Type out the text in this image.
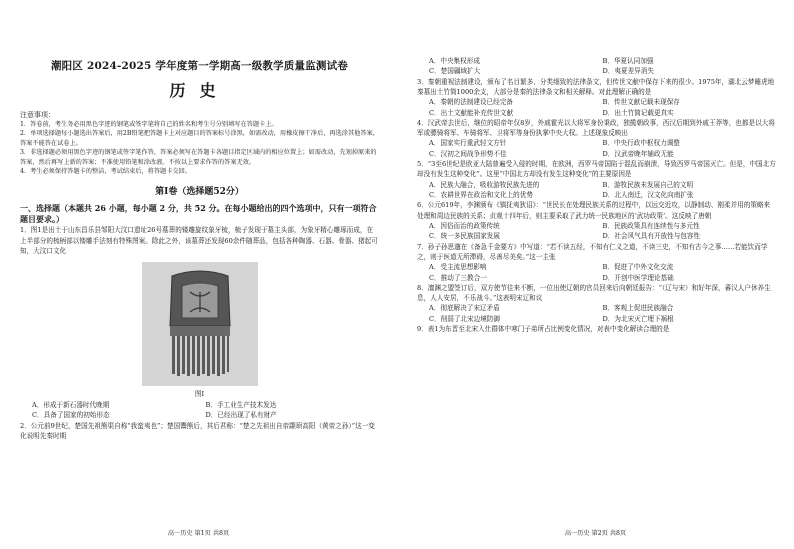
潮阳区 2024-2025 学年度第一学期高一级教学质量监测试卷
历史
注意事项：

1．答卷前，考生务必用黑色字迹的钢笔或签字笔将自己的姓名和考生号分别填写在答题卡上。

2．单项选择题每小题选出答案后，用2B铅笔把答题卡上对应题目的答案标号涂黑，如需改动，用橡皮擦干净后，再选涂其他答案，答案不能答在试卷上。

3．非选择题必须用黑色字迹的钢笔或签字笔作答，答案必须写在答题卡各题目指定区域内的相应位置上；如需改动，先划掉原来的答案，然后再写上新的答案；不准使用铅笔和涂改液。不按以上要求作答的答案无效。

4．考生必须保持答题卡的整洁，考试结束后，将答题卡交回。

第Ⅰ卷（选择题52分）
一、选择题（本题共 26 小题，每小题 2 分，共 52 分。在每小题给出的四个选项中，只有一项符合题目要求。）

1．图1是出土于山东昌乐县邹阳大汶口遗址26号墓葬的镂雕旋纹象牙梳，梳子发现于墓主头部，为象牙精心雕琢而成，在上半部分的梳柄部以镂雕手法刻有特殊图案。除此之外，该墓葬还发现60余件随葬品，包括各种陶器、石器、骨器、猪起可知，大汶口文化

图Ⅰ
A．形成于新石器时代晚期	B．手工业生产技术发达
C．具备了国家的初始形态	D．已经出现了私有财产

2．公元前9世纪，楚国先祖熊渠自称“我蛮夷也”；楚国鬻熊后，其后君称：“楚之先祖出自帝颛顼高阳（黄帝之孙）”这一变化说明先秦时期

高一历史 第1页 共8页
A．中央集权形成	B．华夏认同加强
C．楚国疆域扩大	D．夷夏差异消失

3．秦朝重视法制建设，颁布了名目繁多、分类细致的法律条文，但传世文献中保存下来的很少。1975年，湖北云梦睡虎地秦墓出土竹简1000余支，大部分是秦的法律条文和相关解释。对此理解正确的是

A．秦朝的法制建设已经完备	B．传世文献记载未现保存
C．出土文献能补充传世文献	D．出土竹简记载更真实

4．汉武帝去世后，继位的昭帝年仅8岁，外戚霍光以大将军身份秉政，独揽朝政事，西汉后期到外戚王莽等，也都是以大将军或骠骑将军、车骑将军、卫将军等身份执掌中央大权。上述现象反映出

A．国家实行重武轻文方针	B．中央行政中枢权力调整
C．汉初之间战争形势不佳	D．汉武帝晚年辅政无能

5．“3至6世纪是欧亚大陆普遍受入侵的时期，在欧洲，西罗马帝国陷于混乱而崩溃，导致西罗马帝国灭亡。但是，中国北方却没有发生这种变化”。这里“中国北方却没有发生这种变化”的主要原因是

A．民族大融合，吸收游牧民族先进的	B．游牧民族未发展自己的文明
C．农耕世界在政治和文化上的优势	D．北人南迁，汉文化向南扩张

6．公元619年，李渊颁布《镇抚夷狄诏》：“世民长在处理民族关系的过程中，以远交近攻，以静制动、刚柔并用的策略来处理和周边民族的关系；贞观十四年后，则主要采取了武力统一民族地区的‘武功政策’。这反映了唐朝

A．因俗而治的政策传统	B．民族政策具有连续性与多元性
C．统一多民族国家发展	D．社会风气具有开放性与包容性

7．孙子孙思邈在《备急千金要方》中写道：“若不读五经，不知有仁义之道，不读三史，不知有古今之事……若能饮而学之，则于医道无所滞碍，尽善尽美矣。”这一主张

A．受主流思想影响	B．促进了中外文化交流
C．推动了三教合一	D．开创中医学理论基础

8．澶渊之盟签订后，双方使节往来不断，一位出使辽朝的官员回来后向朝廷报告：“（辽与宋）和好年深，蕃汉人户休养生息，人人安居，不乐战斗。”这表明宋辽和议

A．彻底解决了宋辽矛盾	B．客观上促进民族融合
C．削弱了北宋边境防御	D．为北宋灭亡埋下祸根

9．表1为东晋至北宋入仕群体中寒门子弟所占比例变化情况，对表中变化解读合理的是

高一历史 第2页 共8页
